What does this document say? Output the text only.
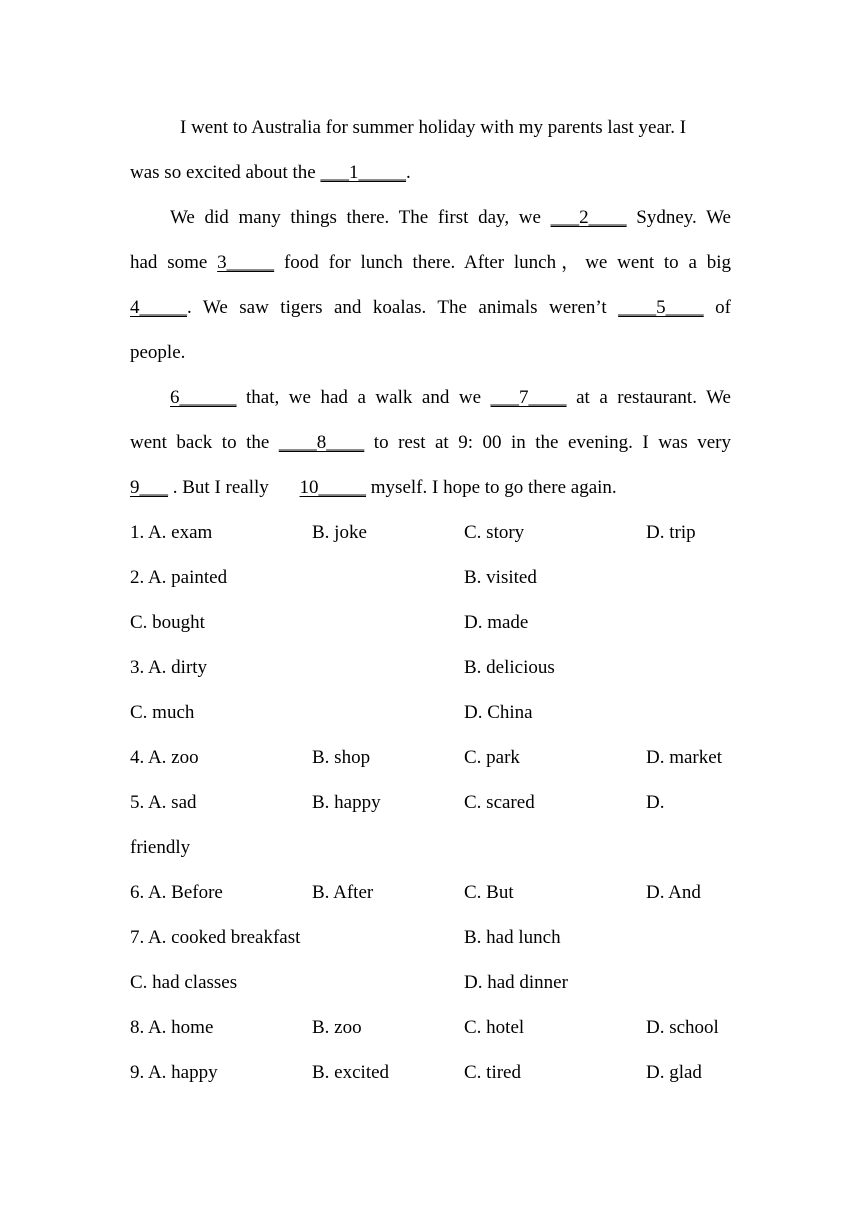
I went to Australia for summer holiday with my parents last year. I
was so excited about the ___1_____.
We did many things there. The first day, we ___2____ Sydney. We
had some 3_____ food for lunch there. After lunch，we went to a big
4_____. We saw tigers and koalas. The animals weren’t ____5____ of
people.
6______ that, we had a walk and we ___7____ at a restaurant. We
went back to the ____8____ to rest at 9: 00 in the evening. I was very
9___ . But I really 10_____ myself. I hope to go there again.
1. A. exam	B. joke	C. story	D. trip
2. A. painted	B. visited
C. bought	D. made
3. A. dirty	B. delicious
C. much	D. China
4. A. zoo	B. shop	C. park	D. market
5. A. sad	B. happy	C. scared	D.
friendly
6. A. Before	B. After	C. But	D. And
7. A. cooked breakfast	B. had lunch
C. had classes	D. had dinner
8. A. home	B. zoo	C. hotel	D. school
9. A. happy	B. excited	C. tired	D. glad
